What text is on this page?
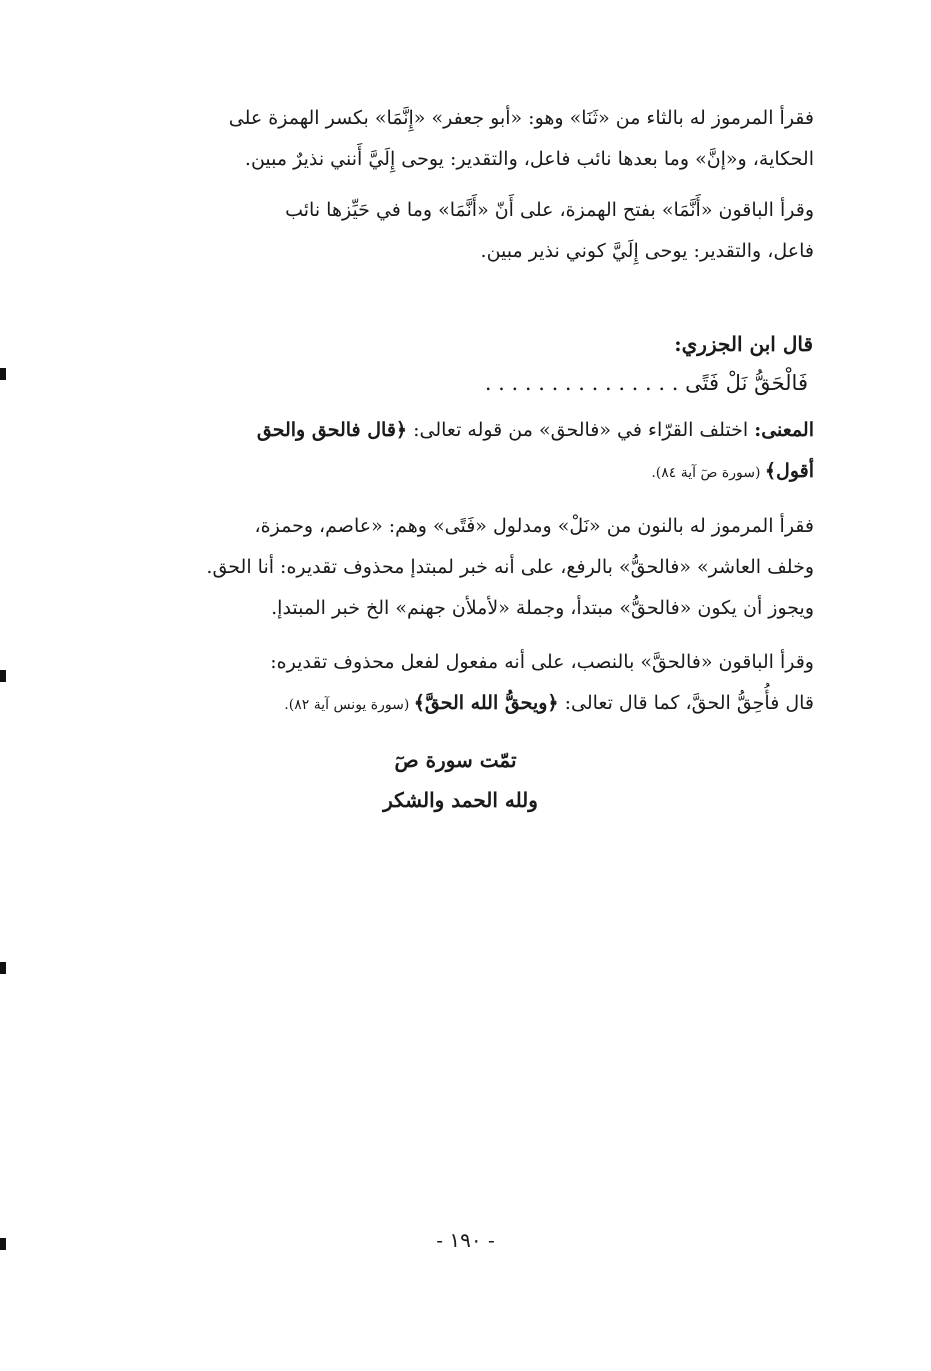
فقرأ المرموز له بالثاء من «ثَنَا» وهو: «أبو جعفر» «إِنَّمَا» بكسر الهمزة على
الحكاية، و«إنَّ» وما بعدها نائب فاعل، والتقدير: يوحى إِلَيَّ أَنني نذيرٌ مبين.
وقرأ الباقون «أَنَّمَا» بفتح الهمزة، على أَنّ «أَنَّمَا» وما في حَيِّزها نائب
فاعل، والتقدير: يوحى إِلَيَّ كوني نذير مبين.
قال ابن الجزري:
فَالْحَقُّ نَلْ فَتًى . . . . . . . . . . . . . . .
المعنى: اختلف القرّاء في «فالحق» من قوله تعالى: ﴿قال فالحق والحق
أقول﴾ (سورة صٓ آية ٨٤).
فقرأ المرموز له بالنون من «نَلْ» ومدلول «فَتًى» وهم: «عاصم، وحمزة،
وخلف العاشر» «فالحقُّ» بالرفع، على أنه خبر لمبتدإ محذوف تقديره: أنا الحق.
ويجوز أن يكون «فالحقُّ» مبتدأ، وجملة «لأملأن جهنم» الخ خبر المبتدإ.
وقرأ الباقون «فالحقَّ» بالنصب، على أنه مفعول لفعل محذوف تقديره:
قال فأُحِقُّ الحقَّ، كما قال تعالى: ﴿ويحقُّ الله الحقَّ﴾ (سورة يونس آية ٨٢).
تمّت سورة صٓ
ولله الحمد والشكر
- ١٩٠ -
